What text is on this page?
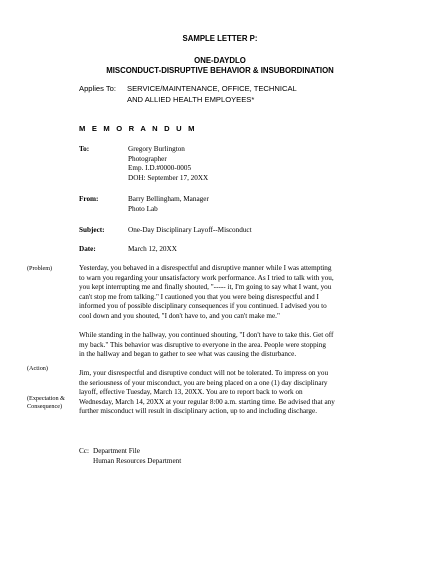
SAMPLE LETTER P:
ONE-DAYDLO
MISCONDUCT-DISRUPTIVE BEHAVIOR & INSUBORDINATION
Applies To: SERVICE/MAINTENANCE, OFFICE, TECHNICAL
AND ALLIED HEALTH EMPLOYEES*
M E M O R A N D U M
To:	Gregory Burlington
Photographer
Emp. I.D.#0000-0005
DOH: September 17, 20XX
From:	Barry Bellingham, Manager
Photo Lab
Subject:	One-Day Disciplinary Layoff--Misconduct
Date:	March 12, 20XX
(Problem)
(Action)
(Expectation &
Consequence)
Yesterday, you behaved in a disrespectful and disruptive manner while I was attempting
to warn you regarding your unsatisfactory work performance. As I tried to talk with you,
you kept interrupting me and finally shouted, "----- it, I'm going to say what I want, you
can't stop me from talking." I cautioned you that you were being disrespectful and I
informed you of possible disciplinary consequences if you continued. I advised you to
cool down and you shouted, "I don't have to, and you can't make me."
While standing in the hallway, you continued shouting, "I don't have to take this. Get off
my back." This behavior was disruptive to everyone in the area. People were stopping
in the hallway and began to gather to see what was causing the disturbance.
Jim, your disrespectful and disruptive conduct will not be tolerated. To impress on you
the seriousness of your misconduct, you are being placed on a one (1) day disciplinary
layoff, effective Tuesday, March 13, 20XX. You are to report back to work on
Wednesday, March 14, 20XX at your regular 8:00 a.m. starting time. Be advised that any
further misconduct will result in disciplinary action, up to and including discharge.
Cc: Department File
Human Resources Department
